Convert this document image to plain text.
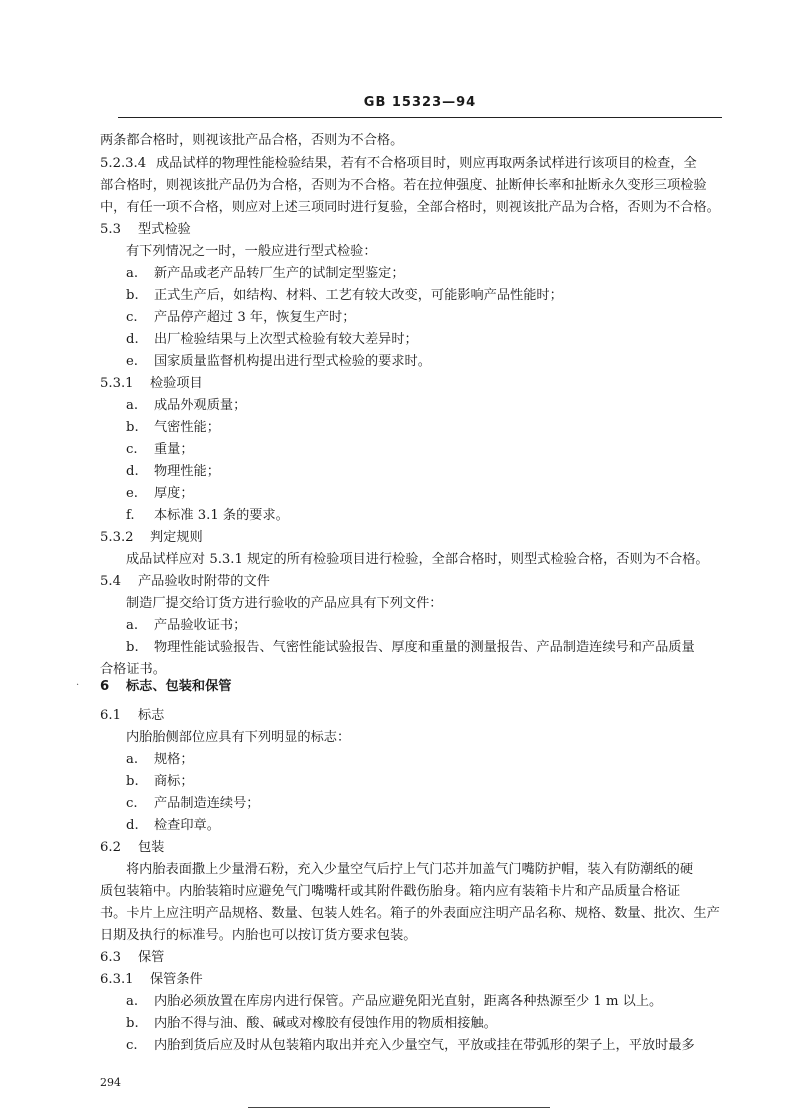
GB 15323—94
两条都合格时，则视该批产品合格，否则为不合格。
5.2.3.4 成品试样的物理性能检验结果，若有不合格项目时，则应再取两条试样进行该项目的检查，全
部合格时，则视该批产品仍为合格，否则为不合格。若在拉伸强度、扯断伸长率和扯断永久变形三项检验
中，有任一项不合格，则应对上述三项同时进行复验，全部合格时，则视该批产品为合格，否则为不合格。
5.3 型式检验
有下列情况之一时，一般应进行型式检验：
a. 新产品或老产品转厂生产的试制定型鉴定；
b. 正式生产后，如结构、材料、工艺有较大改变，可能影响产品性能时；
c. 产品停产超过 3 年，恢复生产时；
d. 出厂检验结果与上次型式检验有较大差异时；
e. 国家质量监督机构提出进行型式检验的要求时。
5.3.1 检验项目
a. 成品外观质量；
b. 气密性能；
c. 重量；
d. 物理性能；
e. 厚度；
f. 本标准 3.1 条的要求。
5.3.2 判定规则
成品试样应对 5.3.1 规定的所有检验项目进行检验，全部合格时，则型式检验合格，否则为不合格。
5.4 产品验收时附带的文件
制造厂提交给订货方进行验收的产品应具有下列文件：
a. 产品验收证书；
b. 物理性能试验报告、气密性能试验报告、厚度和重量的测量报告、产品制造连续号和产品质量
合格证书。
· 6 标志、包装和保管
6.1 标志
内胎胎侧部位应具有下列明显的标志：
a. 规格；
b. 商标；
c. 产品制造连续号；
d. 检查印章。
6.2 包装
将内胎表面撒上少量滑石粉，充入少量空气后拧上气门芯并加盖气门嘴防护帽，装入有防潮纸的硬
质包装箱中。内胎装箱时应避免气门嘴嘴杆或其附件戳伤胎身。箱内应有装箱卡片和产品质量合格证
书。卡片上应注明产品规格、数量、包装人姓名。箱子的外表面应注明产品名称、规格、数量、批次、生产
日期及执行的标准号。内胎也可以按订货方要求包装。
6.3 保管
6.3.1 保管条件
a. 内胎必须放置在库房内进行保管。产品应避免阳光直射，距离各种热源至少 1 m 以上。
b. 内胎不得与油、酸、碱或对橡胶有侵蚀作用的物质相接触。
c. 内胎到货后应及时从包装箱内取出并充入少量空气，平放或挂在带弧形的架子上，平放时最多
294
